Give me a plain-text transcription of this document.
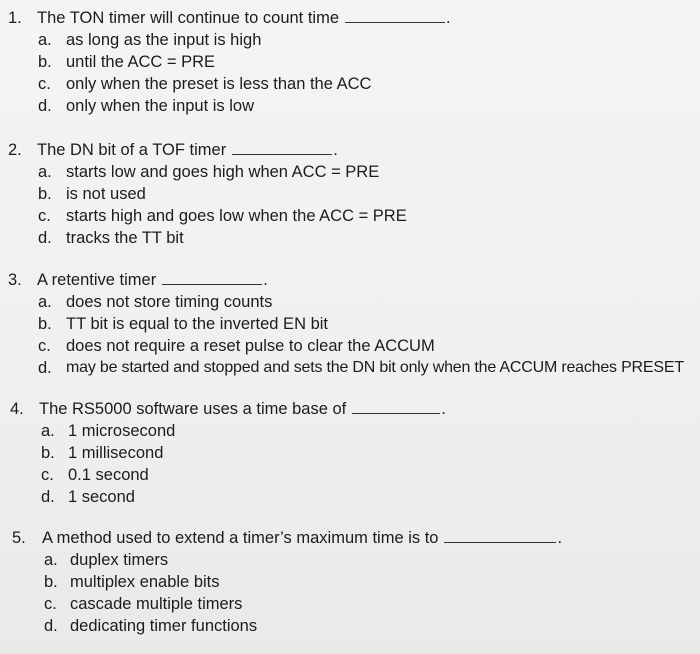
1. The TON timer will continue to count time	.
a. as long as the input is high
b. until the ACC = PRE
c. only when the preset is less than the ACC
d. only when the input is low
2. The DN bit of a TOF timer	.
a. starts low and goes high when ACC = PRE
b. is not used
c. starts high and goes low when the ACC = PRE
d. tracks the TT bit
3. A retentive timer	.
a. does not store timing counts
b. TT bit is equal to the inverted EN bit
c. does not require a reset pulse to clear the ACCUM
d. may be started and stopped and sets the DN bit only when the ACCUM reaches PRESET
4. The RS5000 software uses a time base of	.
a. 1 microsecond
b. 1 millisecond
c. 0.1 second
d. 1 second
5. A method used to extend a timer’s maximum time is to	.
a. duplex timers
b. multiplex enable bits
c. cascade multiple timers
d. dedicating timer functions
